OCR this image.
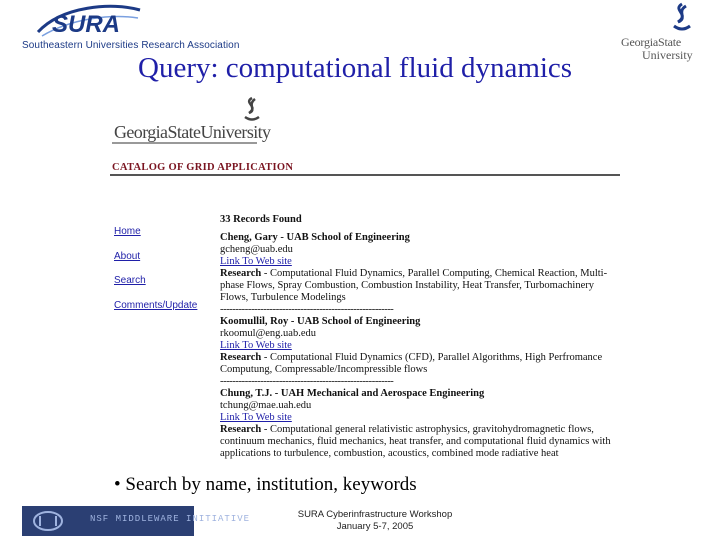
SURA
Southeastern Universities Research Association	GeorgiaState
University
Query: computational fluid dynamics
GeorgiaStateUniversity
CATALOG OF GRID APPLICATION
Home
About
Search
Comments/Update
33 Records Found
Cheng, Gary - UAB School of Engineering
gcheng@uab.edu
Link To Web site
Research - Computational Fluid Dynamics, Parallel Computing, Chemical Reaction, Multi-phase Flows, Spray Combustion, Combustion Instability, Heat Transfer, Turbomachinery Flows, Turbulence Modelings
--------------------------------------------------------
Koomullil, Roy - UAB School of Engineering
rkoomul@eng.uab.edu
Link To Web site
Research - Computational Fluid Dynamics (CFD), Parallel Algorithms, High Perfromance Computung, Compressable/Incompressible flows
--------------------------------------------------------
Chung, T.J. - UAH Mechanical and Aerospace Engineering
tchung@mae.uah.edu
Link To Web site
Research - Computational general relativistic astrophysics, gravitohydromagnetic flows, continuum mechanics, fluid mechanics, heat transfer, and computational fluid dynamics with applications to turbulence, combustion, acoustics, combined mode radiative heat
• Search by name, institution, keywords
NSF MIDDLEWARE INITIATIVE	SURA Cyberinfrastructure Workshop
January 5-7, 2005
